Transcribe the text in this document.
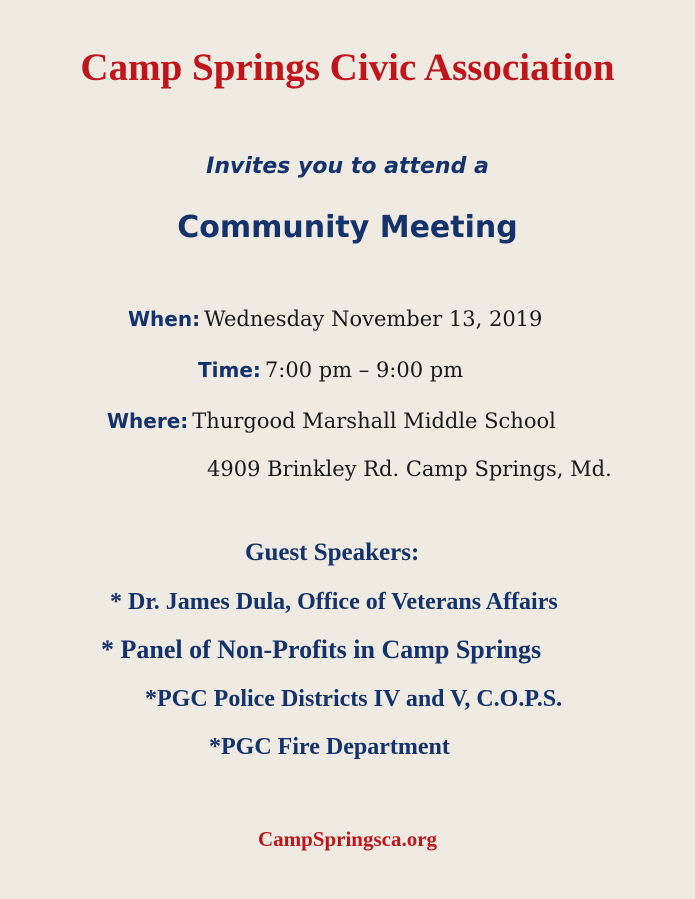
Camp Springs Civic Association
Invites you to attend a
Community Meeting
When: Wednesday November 13, 2019
Time: 7:00 pm – 9:00 pm
Where: Thurgood Marshall Middle School
4909 Brinkley Rd. Camp Springs, Md.
Guest Speakers:
* Dr. James Dula, Office of Veterans Affairs
* Panel of Non-Profits in Camp Springs
*PGC Police Districts IV and V, C.O.P.S.
*PGC Fire Department
CampSpringsca.org
